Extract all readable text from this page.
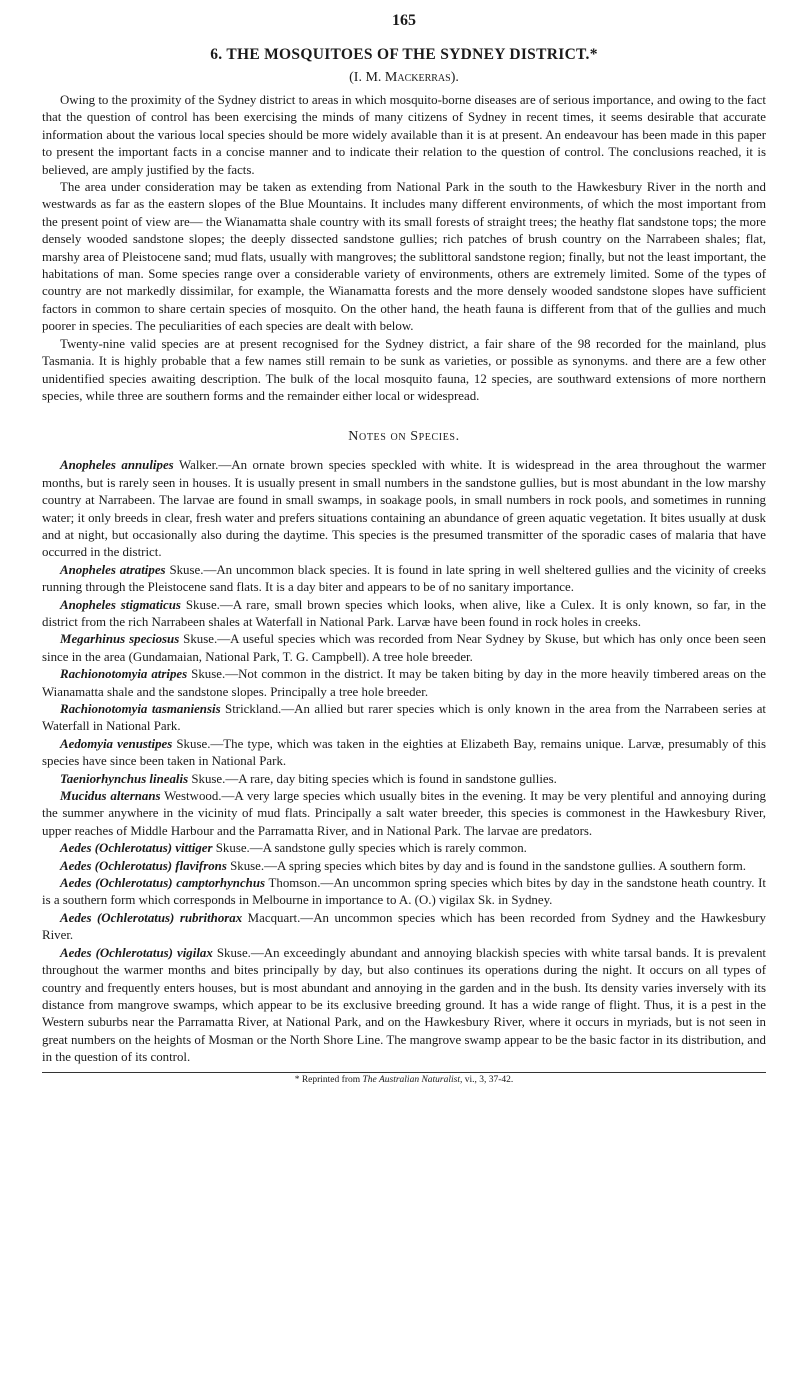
165
6. THE MOSQUITOES OF THE SYDNEY DISTRICT.*
(I. M. Mackerras).

Owing to the proximity of the Sydney district to areas in which mosquito-borne diseases are of serious importance, and owing to the fact that the question of control has been exercising the minds of many citizens of Sydney in recent times, it seems desirable that accurate information about the various local species should be more widely available than it is at present. An endeavour has been made in this paper to present the important facts in a concise manner and to indicate their relation to the question of control. The conclusions reached, it is believed, are amply justified by the facts.

The area under consideration may be taken as extending from National Park in the south to the Hawkesbury River in the north and westwards as far as the eastern slopes of the Blue Mountains. It includes many different environments, of which the most important from the present point of view are— the Wianamatta shale country with its small forests of straight trees; the heathy flat sandstone tops; the more densely wooded sandstone slopes; the deeply dissected sandstone gullies; rich patches of brush country on the Narrabeen shales; flat, marshy area of Pleistocene sand; mud flats, usually with mangroves; the sublittoral sandstone region; finally, but not the least important, the habitations of man. Some species range over a considerable variety of environments, others are extremely limited. Some of the types of country are not markedly dissimilar, for example, the Wianamatta forests and the more densely wooded sandstone slopes have sufficient factors in common to share certain species of mosquito. On the other hand, the heath fauna is different from that of the gullies and much poorer in species. The peculiarities of each species are dealt with below.

Twenty-nine valid species are at present recognised for the Sydney district, a fair share of the 98 recorded for the mainland, plus Tasmania. It is highly probable that a few names still remain to be sunk as varieties, or possible as synonyms. and there are a few other unidentified species awaiting description. The bulk of the local mosquito fauna, 12 species, are southward extensions of more northern species, while three are southern forms and the remainder either local or widespread.

Notes on Species.

Anopheles annulipes Walker.—An ornate brown species speckled with white. It is widespread in the area throughout the warmer months, but is rarely seen in houses. It is usually present in small numbers in the sandstone gullies, but is most abundant in the low marshy country at Narrabeen. The larvae are found in small swamps, in soakage pools, in small numbers in rock pools, and sometimes in running water; it only breeds in clear, fresh water and prefers situations containing an abundance of green aquatic vegetation. It bites usually at dusk and at night, but occasionally also during the daytime. This species is the presumed transmitter of the sporadic cases of malaria that have occurred in the district.

Anopheles atratipes Skuse.—An uncommon black species. It is found in late spring in well sheltered gullies and the vicinity of creeks running through the Pleistocene sand flats. It is a day biter and appears to be of no sanitary importance.

Anopheles stigmaticus Skuse.—A rare, small brown species which looks, when alive, like a Culex. It is only known, so far, in the district from the rich Narrabeen shales at Waterfall in National Park. Larvæ have been found in rock holes in creeks.

Megarhinus speciosus Skuse.—A useful species which was recorded from Near Sydney by Skuse, but which has only once been seen since in the area (Gundamaian, National Park, T. G. Campbell). A tree hole breeder.

Rachionotomyia atripes Skuse.—Not common in the district. It may be taken biting by day in the more heavily timbered areas on the Wianamatta shale and the sandstone slopes. Principally a tree hole breeder.

Rachionotomyia tasmaniensis Strickland.—An allied but rarer species which is only known in the area from the Narrabeen series at Waterfall in National Park.

Aedomyia venustipes Skuse.—The type, which was taken in the eighties at Elizabeth Bay, remains unique. Larvæ, presumably of this species have since been taken in National Park.

Taeniorhynchus linealis Skuse.—A rare, day biting species which is found in sandstone gullies.

Mucidus alternans Westwood.—A very large species which usually bites in the evening. It may be very plentiful and annoying during the summer anywhere in the vicinity of mud flats. Principally a salt water breeder, this species is commonest in the Hawkesbury River, upper reaches of Middle Harbour and the Parramatta River, and in National Park. The larvae are predators.

Aedes (Ochlerotatus) vittiger Skuse.—A sandstone gully species which is rarely common.

Aedes (Ochlerotatus) flavifrons Skuse.—A spring species which bites by day and is found in the sandstone gullies. A southern form.

Aedes (Ochlerotatus) camptorhynchus Thomson.—An uncommon spring species which bites by day in the sandstone heath country. It is a southern form which corresponds in Melbourne in importance to A. (O.) vigilax Sk. in Sydney.

Aedes (Ochlerotatus) rubrithorax Macquart.—An uncommon species which has been recorded from Sydney and the Hawkesbury River.

Aedes (Ochlerotatus) vigilax Skuse.—An exceedingly abundant and annoying blackish species with white tarsal bands. It is prevalent throughout the warmer months and bites principally by day, but also continues its operations during the night. It occurs on all types of country and frequently enters houses, but is most abundant and annoying in the garden and in the bush. Its density varies inversely with its distance from mangrove swamps, which appear to be its exclusive breeding ground. It has a wide range of flight. Thus, it is a pest in the Western suburbs near the Parramatta River, at National Park, and on the Hawkesbury River, where it occurs in myriads, but is not seen in great numbers on the heights of Mosman or the North Shore Line. The mangrove swamp appear to be the basic factor in its distribution, and in the question of its control.

* Reprinted from The Australian Naturalist, vi., 3, 37-42.
